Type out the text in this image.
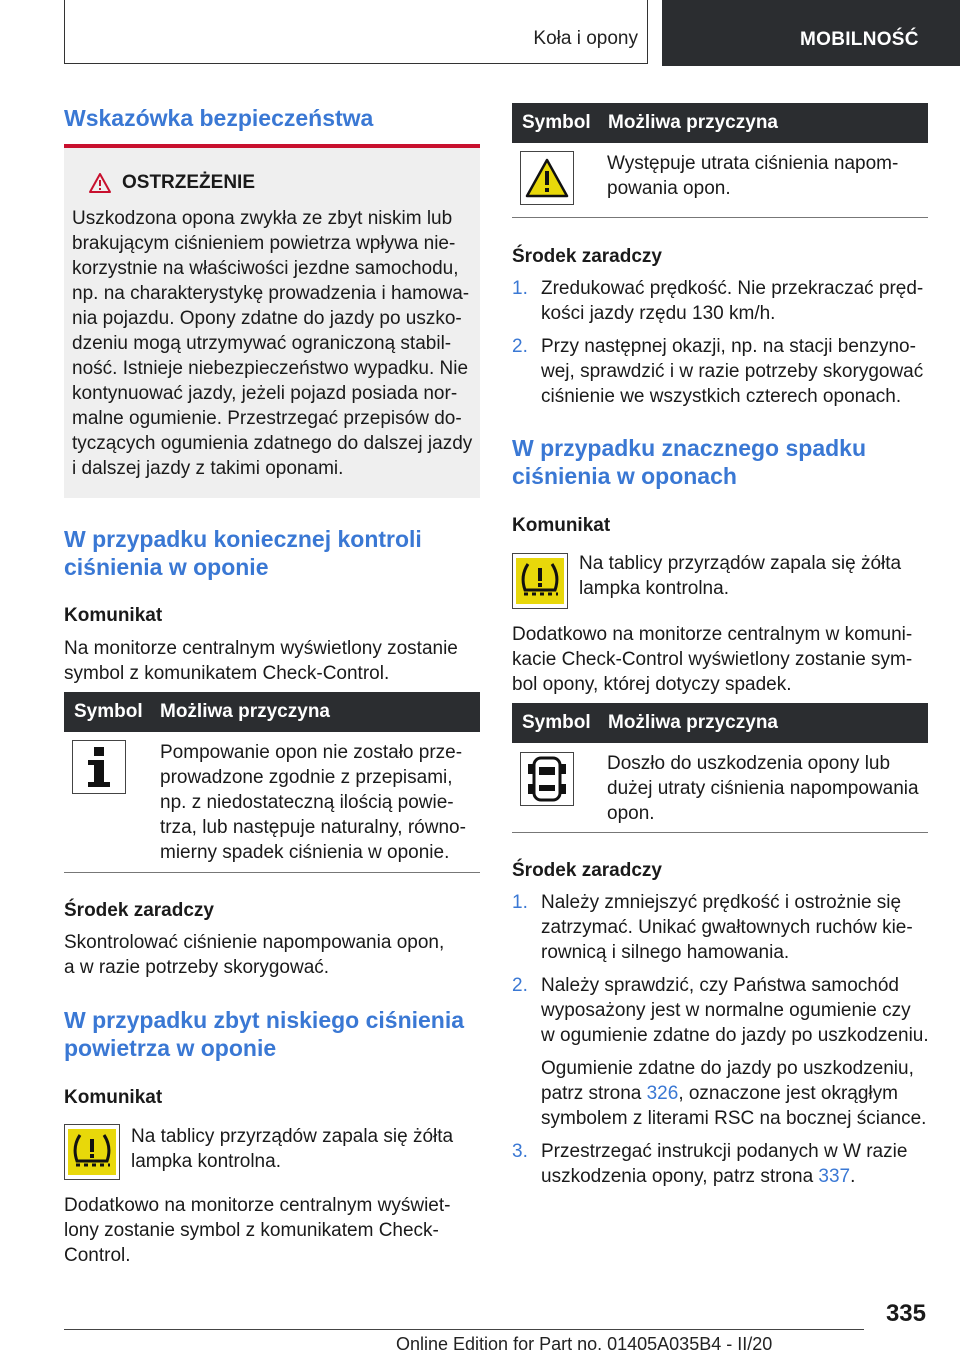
Koła i opony	MOBILNOŚĆ
Wskazówka bezpieczeństwa
OSTRZEŻENIE
Uszkodzona opona zwykła ze zbyt niskim lub
brakującym ciśnieniem powietrza wpływa nie-
korzystnie na właściwości jezdne samochodu,
np. na charakterystykę prowadzenia i hamowa-
nia pojazdu. Opony zdatne do jazdy po uszko-
dzeniu mogą utrzymywać ograniczoną stabil-
ność. Istnieje niebezpieczeństwo wypadku. Nie
kontynuować jazdy, jeżeli pojazd posiada nor-
malne ogumienie. Przestrzegać przepisów do-
tyczących ogumienia zdatnego do dalszej jazdy
i dalszej jazdy z takimi oponami.
W przypadku koniecznej kontroli
ciśnienia w oponie
Komunikat
Na monitorze centralnym wyświetlony zostanie
symbol z komunikatem Check-Control.
Symbol Możliwa przyczyna
Pompowanie opon nie zostało prze-
prowadzone zgodnie z przepisami,
np. z niedostateczną ilością powie-
trza, lub następuje naturalny, równo-
mierny spadek ciśnienia w oponie.
Środek zaradczy
Skontrolować ciśnienie napompowania opon,
a w razie potrzeby skorygować.
W przypadku zbyt niskiego ciśnienia
powietrza w oponie
Komunikat
Na tablicy przyrządów zapala się żółta
lampka kontrolna.
Dodatkowo na monitorze centralnym wyświet-
lony zostanie symbol z komunikatem Check-
Control.
Symbol Możliwa przyczyna
Występuje utrata ciśnienia napom-
powania opon.
Środek zaradczy
1. Zredukować prędkość. Nie przekraczać pręd-
kości jazdy rzędu 130 km/h.
2. Przy następnej okazji, np. na stacji benzyno-
wej, sprawdzić i w razie potrzeby skorygować
ciśnienie we wszystkich czterech oponach.
W przypadku znacznego spadku
ciśnienia w oponach
Komunikat
Na tablicy przyrządów zapala się żółta
lampka kontrolna.
Dodatkowo na monitorze centralnym w komuni-
kacie Check-Control wyświetlony zostanie sym-
bol opony, której dotyczy spadek.
Symbol Możliwa przyczyna
Doszło do uszkodzenia opony lub
dużej utraty ciśnienia napompowania
opon.
Środek zaradczy
1. Należy zmniejszyć prędkość i ostrożnie się
zatrzymać. Unikać gwałtownych ruchów kie-
rownicą i silnego hamowania.
2. Należy sprawdzić, czy Państwa samochód
wyposażony jest w normalne ogumienie czy
w ogumienie zdatne do jazdy po uszkodzeniu.
Ogumienie zdatne do jazdy po uszkodzeniu,
patrz strona 326, oznaczone jest okrągłym
symbolem z literami RSC na bocznej ściance.
3. Przestrzegać instrukcji podanych w W razie
uszkodzenia opony, patrz strona 337.
335
Online Edition for Part no. 01405A035B4 - II/20
